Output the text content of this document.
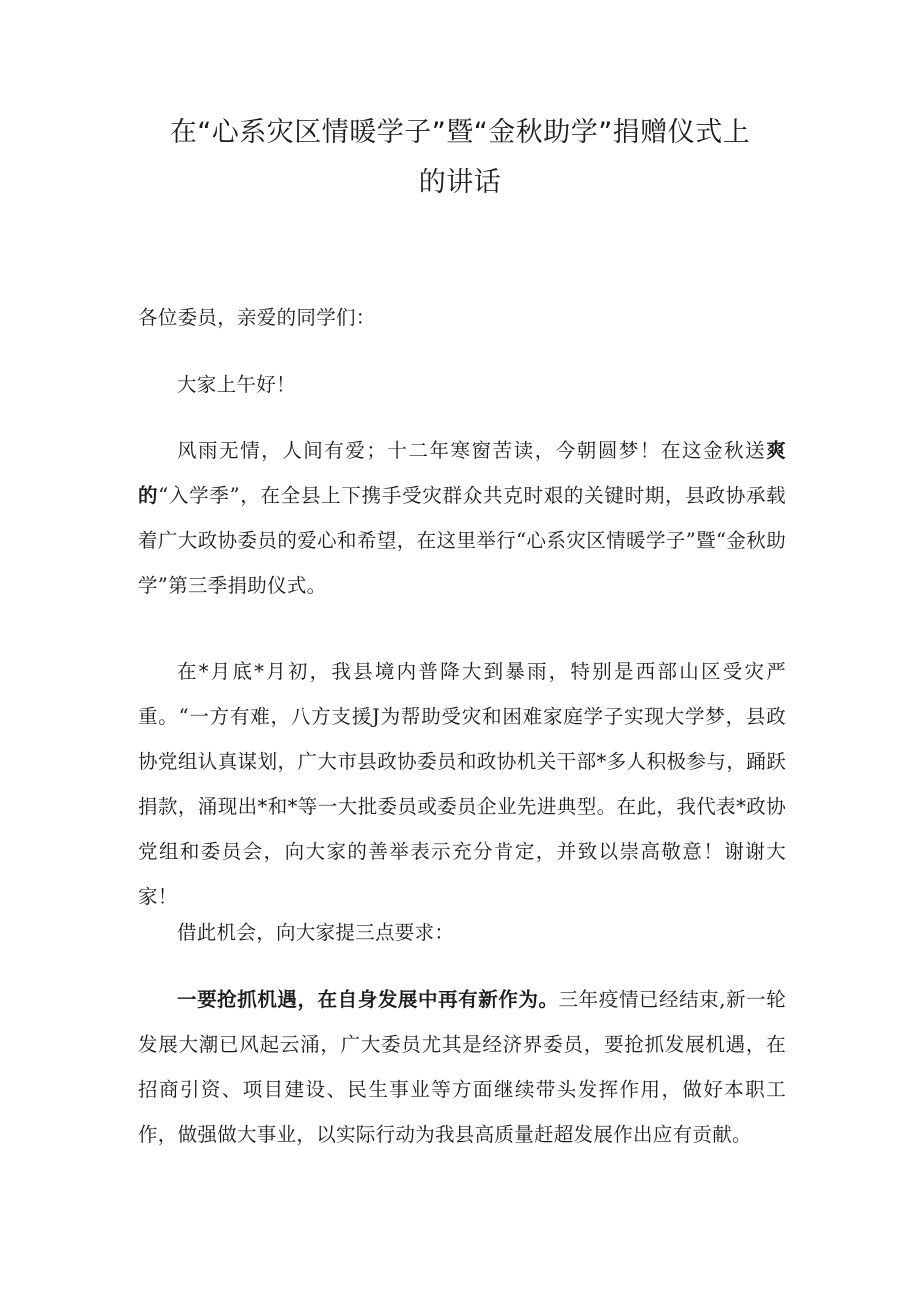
在“心系灾区情暖学子”暨“金秋助学”捐赠仪式上
的讲话
各位委员，亲爱的同学们：
大家上午好！
风雨无情，人间有爱；十二年寒窗苦读，今朝圆梦！在这金秋送爽的“入学季”，在全县上下携手受灾群众共克时艰的关键时期，县政协承载着广大政协委员的爱心和希望，在这里举行“心系灾区情暖学子”暨“金秋助学”第三季捐助仪式。
在*月底*月初，我县境内普降大到暴雨，特别是西部山区受灾严重。“一方有难，八方支援J为帮助受灾和困难家庭学子实现大学梦，县政协党组认真谋划，广大市县政协委员和政协机关干部*多人积极参与，踊跃捐款，涌现出*和*等一大批委员或委员企业先进典型。在此，我代表*政协党组和委员会，向大家的善举表示充分肯定，并致以崇高敬意！谢谢大家！
借此机会，向大家提三点要求：
一要抢抓机遇，在自身发展中再有新作为。三年疫情已经结束,新一轮发展大潮已风起云涌，广大委员尤其是经济界委员，要抢抓发展机遇，在招商引资、项目建设、民生事业等方面继续带头发挥作用，做好本职工作，做强做大事业，以实际行动为我县高质量赶超发展作出应有贡献。
